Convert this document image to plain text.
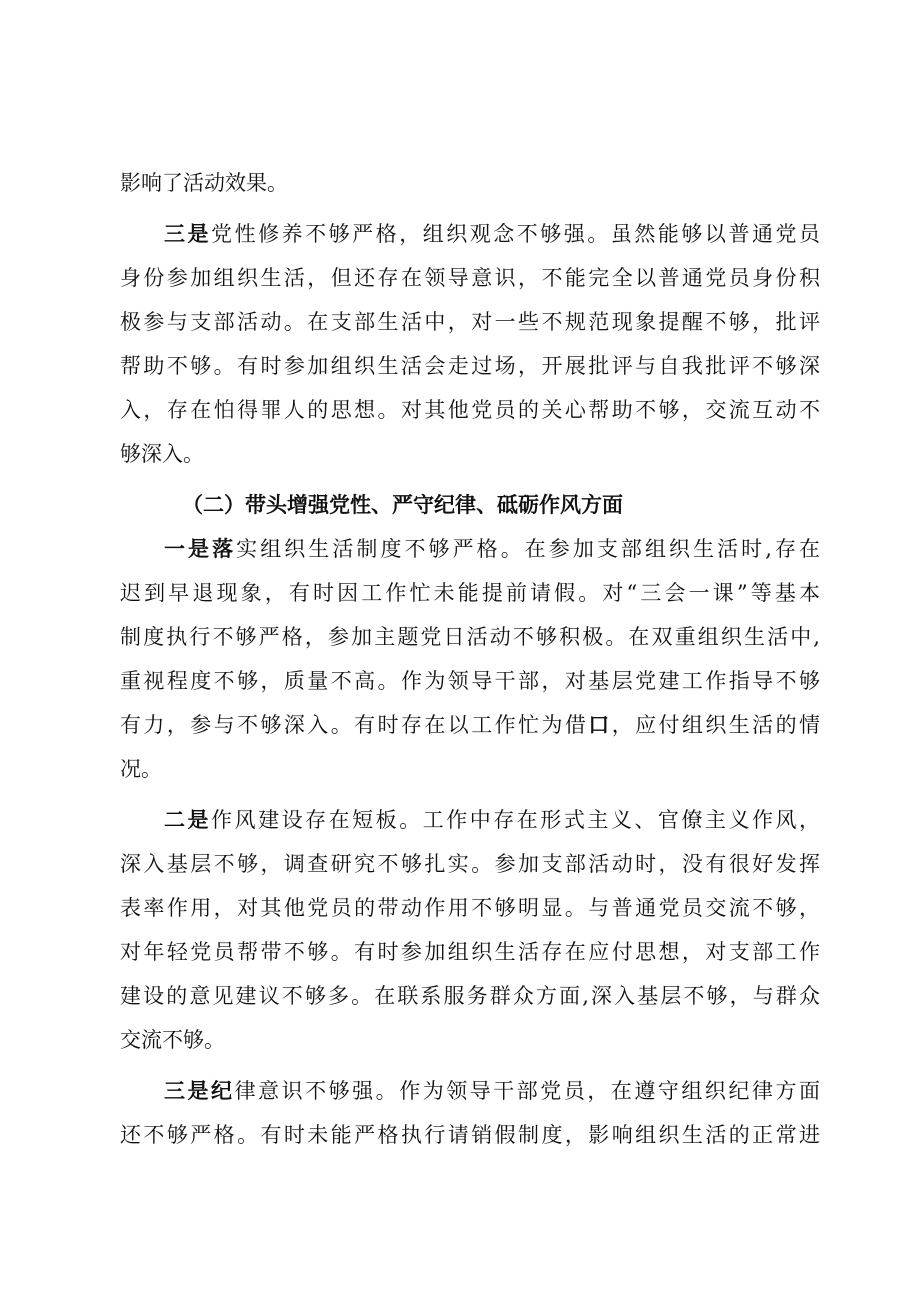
影响了活动效果。
三是党性修养不够严格，组织观念不够强。虽然能够以普通党员
身份参加组织生活，但还存在领导意识，不能完全以普通党员身份积
极参与支部活动。在支部生活中，对一些不规范现象提醒不够，批评
帮助不够。有时参加组织生活会走过场，开展批评与自我批评不够深
入，存在怕得罪人的思想。对其他党员的关心帮助不够，交流互动不
够深入。
（二）带头增强党性、严守纪律、砥砺作风方面
一是落实组织生活制度不够严格。在参加支部组织生活时,存在
迟到早退现象，有时因工作忙未能提前请假。对“三会一课”等基本
制度执行不够严格，参加主题党日活动不够积极。在双重组织生活中,
重视程度不够，质量不高。作为领导干部，对基层党建工作指导不够
有力，参与不够深入。有时存在以工作忙为借口，应付组织生活的情
况。
二是作风建设存在短板。工作中存在形式主义、官僚主义作风，
深入基层不够，调查研究不够扎实。参加支部活动时，没有很好发挥
表率作用，对其他党员的带动作用不够明显。与普通党员交流不够，
对年轻党员帮带不够。有时参加组织生活存在应付思想，对支部工作
建设的意见建议不够多。在联系服务群众方面,深入基层不够，与群众
交流不够。
三是纪律意识不够强。作为领导干部党员，在遵守组织纪律方面
还不够严格。有时未能严格执行请销假制度，影响组织生活的正常进
